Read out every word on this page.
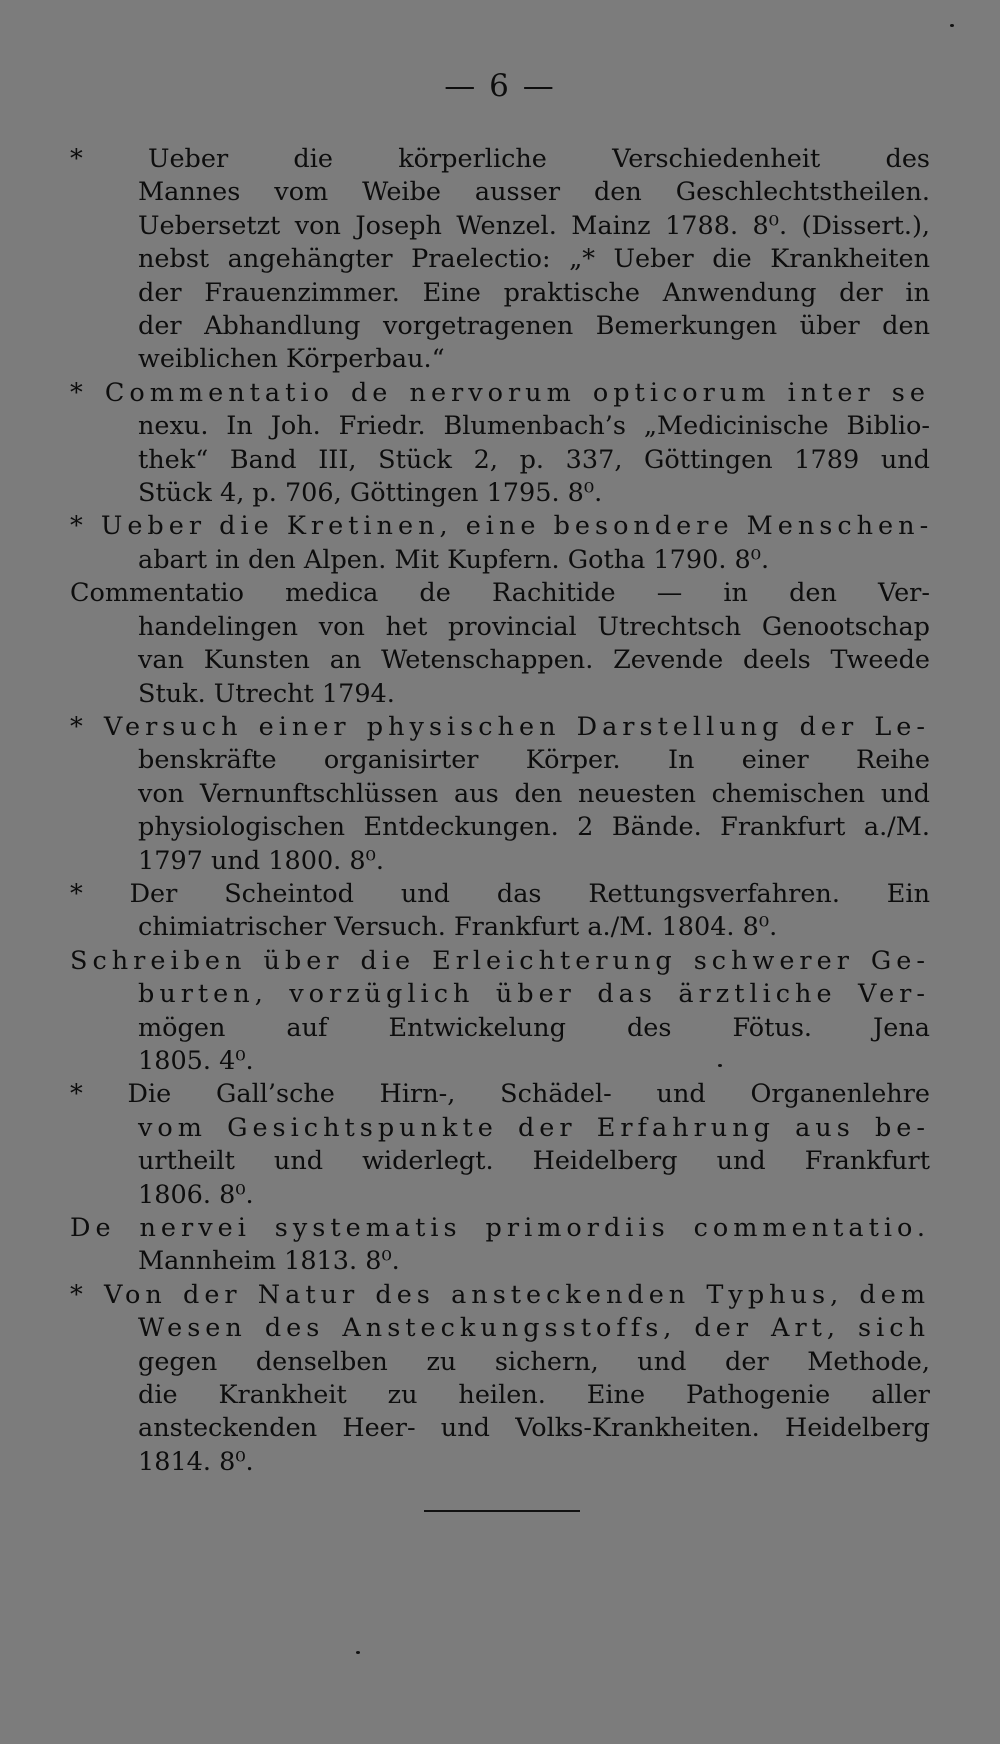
— 6 —
* Ueber die körperliche Verschiedenheit des
Mannes vom Weibe ausser den Geschlechtstheilen.
Uebersetzt von Joseph Wenzel. Mainz 1788. 8⁰. (Dissert.),
nebst angehängter Praelectio: „* Ueber die Krankheiten
der Frauenzimmer. Eine praktische Anwendung der in
der Abhandlung vorgetragenen Bemerkungen über den
weiblichen Körperbau.“
* Commentatio de nervorum opticorum inter se
nexu. In Joh. Friedr. Blumenbach’s „Medicinische Biblio-
thek“ Band III, Stück 2, p. 337, Göttingen 1789 und
Stück 4, p. 706, Göttingen 1795. 8⁰.
* Ueber die Kretinen, eine besondere Menschen-
abart in den Alpen. Mit Kupfern. Gotha 1790. 8⁰.
Commentatio medica de Rachitide — in den Ver-
handelingen von het provincial Utrechtsch Genootschap
van Kunsten an Wetenschappen. Zevende deels Tweede
Stuk. Utrecht 1794.
* Versuch einer physischen Darstellung der Le-
benskräfte organisirter Körper. In einer Reihe
von Vernunftschlüssen aus den neuesten chemischen und
physiologischen Entdeckungen. 2 Bände. Frankfurt a./M.
1797 und 1800. 8⁰.
* Der Scheintod und das Rettungsverfahren. Ein
chimiatrischer Versuch. Frankfurt a./M. 1804. 8⁰.
Schreiben über die Erleichterung schwerer Ge-
burten, vorzüglich über das ärztliche Ver-
mögen auf Entwickelung des Fötus. Jena
1805. 4⁰.
* Die Gall’sche Hirn-, Schädel- und Organenlehre
vom Gesichtspunkte der Erfahrung aus be-
urtheilt und widerlegt. Heidelberg und Frankfurt
1806. 8⁰.
De nervei systematis primordiis commentatio.
Mannheim 1813. 8⁰.
* Von der Natur des ansteckenden Typhus, dem
Wesen des Ansteckungsstoffs, der Art, sich
gegen denselben zu sichern, und der Methode,
die Krankheit zu heilen. Eine Pathogenie aller
ansteckenden Heer- und Volks-Krankheiten. Heidelberg
1814. 8⁰.
